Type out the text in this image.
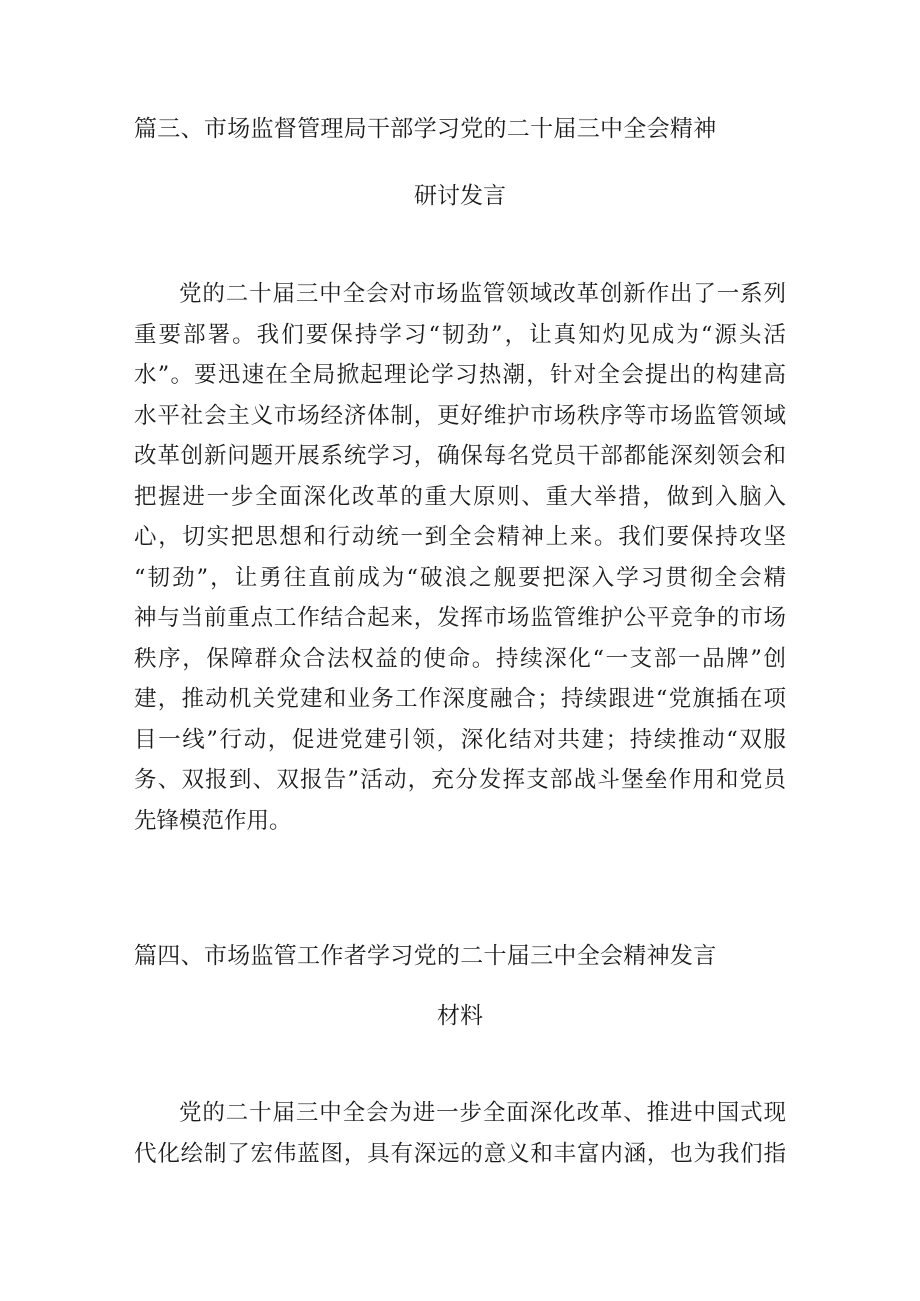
篇三、市场监督管理局干部学习党的二十届三中全会精神
研讨发言
党的二十届三中全会对市场监管领域改革创新作出了一系列
重要部署。我们要保持学习“韧劲”，让真知灼见成为“源头活
水”。要迅速在全局掀起理论学习热潮，针对全会提出的构建高
水平社会主义市场经济体制，更好维护市场秩序等市场监管领域
改革创新问题开展系统学习，确保每名党员干部都能深刻领会和
把握进一步全面深化改革的重大原则、重大举措，做到入脑入
心，切实把思想和行动统一到全会精神上来。我们要保持攻坚
“韧劲”，让勇往直前成为“破浪之舰要把深入学习贯彻全会精
神与当前重点工作结合起来，发挥市场监管维护公平竞争的市场
秩序，保障群众合法权益的使命。持续深化“一支部一品牌”创
建，推动机关党建和业务工作深度融合；持续跟进“党旗插在项
目一线”行动，促进党建引领，深化结对共建；持续推动“双服
务、双报到、双报告”活动，充分发挥支部战斗堡垒作用和党员
先锋模范作用。
篇四、市场监管工作者学习党的二十届三中全会精神发言
材料
党的二十届三中全会为进一步全面深化改革、推进中国式现
代化绘制了宏伟蓝图，具有深远的意义和丰富内涵，也为我们指
